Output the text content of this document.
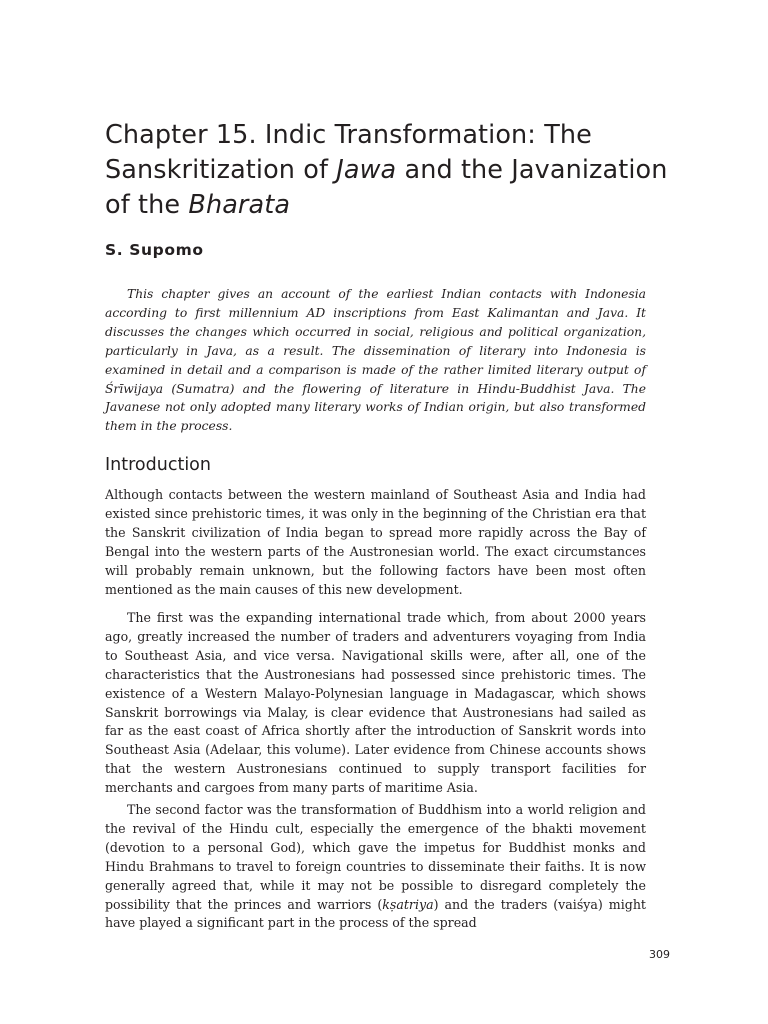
Chapter 15. Indic Transformation: The Sanskritization of Jawa and the Javanization of the Bharata
S. Supomo

This chapter gives an account of the earliest Indian contacts with Indonesia according to first millennium AD inscriptions from East Kalimantan and Java. It discusses the changes which occurred in social, religious and political organization, particularly in Java, as a result. The dissemination of literary into Indonesia is examined in detail and a comparison is made of the rather limited literary output of Śrīwijaya (Sumatra) and the flowering of literature in Hindu-Buddhist Java. The Javanese not only adopted many literary works of Indian origin, but also transformed them in the process.

Introduction

Although contacts between the western mainland of Southeast Asia and India had existed since prehistoric times, it was only in the beginning of the Christian era that the Sanskrit civilization of India began to spread more rapidly across the Bay of Bengal into the western parts of the Austronesian world. The exact circumstances will probably remain unknown, but the following factors have been most often mentioned as the main causes of this new development.

The first was the expanding international trade which, from about 2000 years ago, greatly increased the number of traders and adventurers voyaging from India to Southeast Asia, and vice versa. Navigational skills were, after all, one of the characteristics that the Austronesians had possessed since prehistoric times. The existence of a Western Malayo-Polynesian language in Madagascar, which shows Sanskrit borrowings via Malay, is clear evidence that Austronesians had sailed as far as the east coast of Africa shortly after the introduction of Sanskrit words into Southeast Asia (Adelaar, this volume). Later evidence from Chinese accounts shows that the western Austronesians continued to supply transport facilities for merchants and cargoes from many parts of maritime Asia.

The second factor was the transformation of Buddhism into a world religion and the revival of the Hindu cult, especially the emergence of the bhakti movement (devotion to a personal God), which gave the impetus for Buddhist monks and Hindu Brahmans to travel to foreign countries to disseminate their faiths. It is now generally agreed that, while it may not be possible to disregard completely the possibility that the princes and warriors (kṣatriya) and the traders (vaiśya) might have played a significant part in the process of the spread

309
